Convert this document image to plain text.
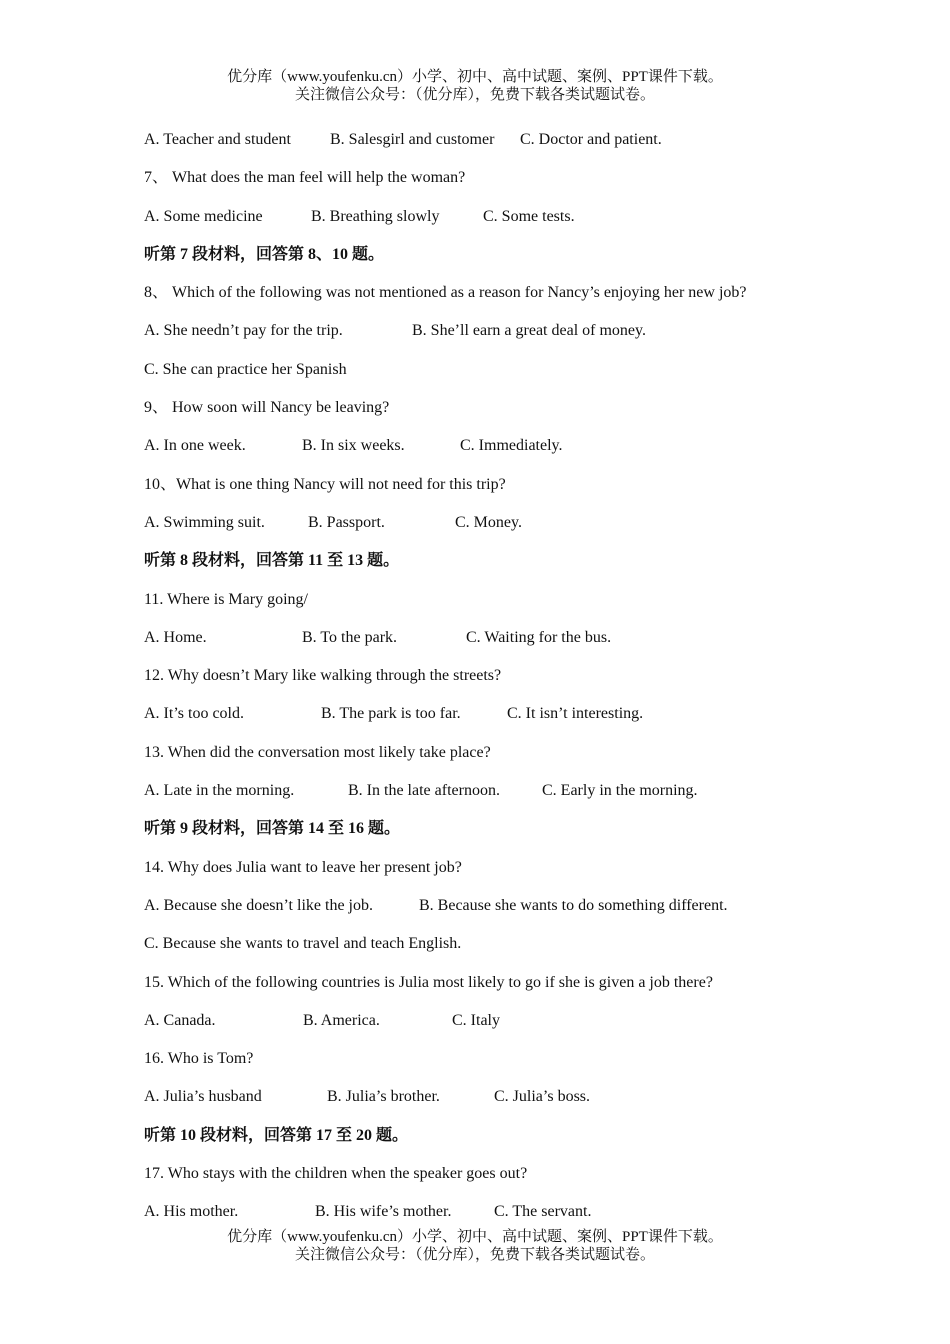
优分库（www.youfenku.cn）小学、初中、高中试题、案例、PPT课件下载。
关注微信公众号：（优分库），免费下载各类试题试卷。
A. Teacher and student B. Salesgirl and customer C. Doctor and patient.
7、 What does the man feel will help the woman?
A. Some medicine	B. Breathing slowly	C. Some tests.
听第 7 段材料，回答第 8、10 题。
8、 Which of the following was not mentioned as a reason for Nancy’s enjoying her new job?
A. She needn’t pay for the trip.	B. She’ll earn a great deal of money.
C. She can practice her Spanish
9、 How soon will Nancy be leaving?
A. In one week.	B. In six weeks.	C. Immediately.
10、What is one thing Nancy will not need for this trip?
A. Swimming suit.	B. Passport.	C. Money.
听第 8 段材料，回答第 11 至 13 题。
11. Where is Mary going/
A. Home.	B. To the park.	C. Waiting for the bus.
12. Why doesn’t Mary like walking through the streets?
A. It’s too cold.	B. The park is too far.	C. It isn’t interesting.
13. When did the conversation most likely take place?
A. Late in the morning.	B. In the late afternoon.	C. Early in the morning.
听第 9 段材料，回答第 14 至 16 题。
14. Why does Julia want to leave her present job?
A. Because she doesn’t like the job.	B. Because she wants to do something different.
C. Because she wants to travel and teach English.
15. Which of the following countries is Julia most likely to go if she is given a job there?
A. Canada.	B. America.	C. Italy
16. Who is Tom?
A. Julia’s husband	B. Julia’s brother.	C. Julia’s boss.
听第 10 段材料，回答第 17 至 20 题。
17. Who stays with the children when the speaker goes out?
A. His mother.	B. His wife’s mother.	C. The servant.
优分库（www.youfenku.cn）小学、初中、高中试题、案例、PPT课件下载。
关注微信公众号：（优分库），免费下载各类试题试卷。
